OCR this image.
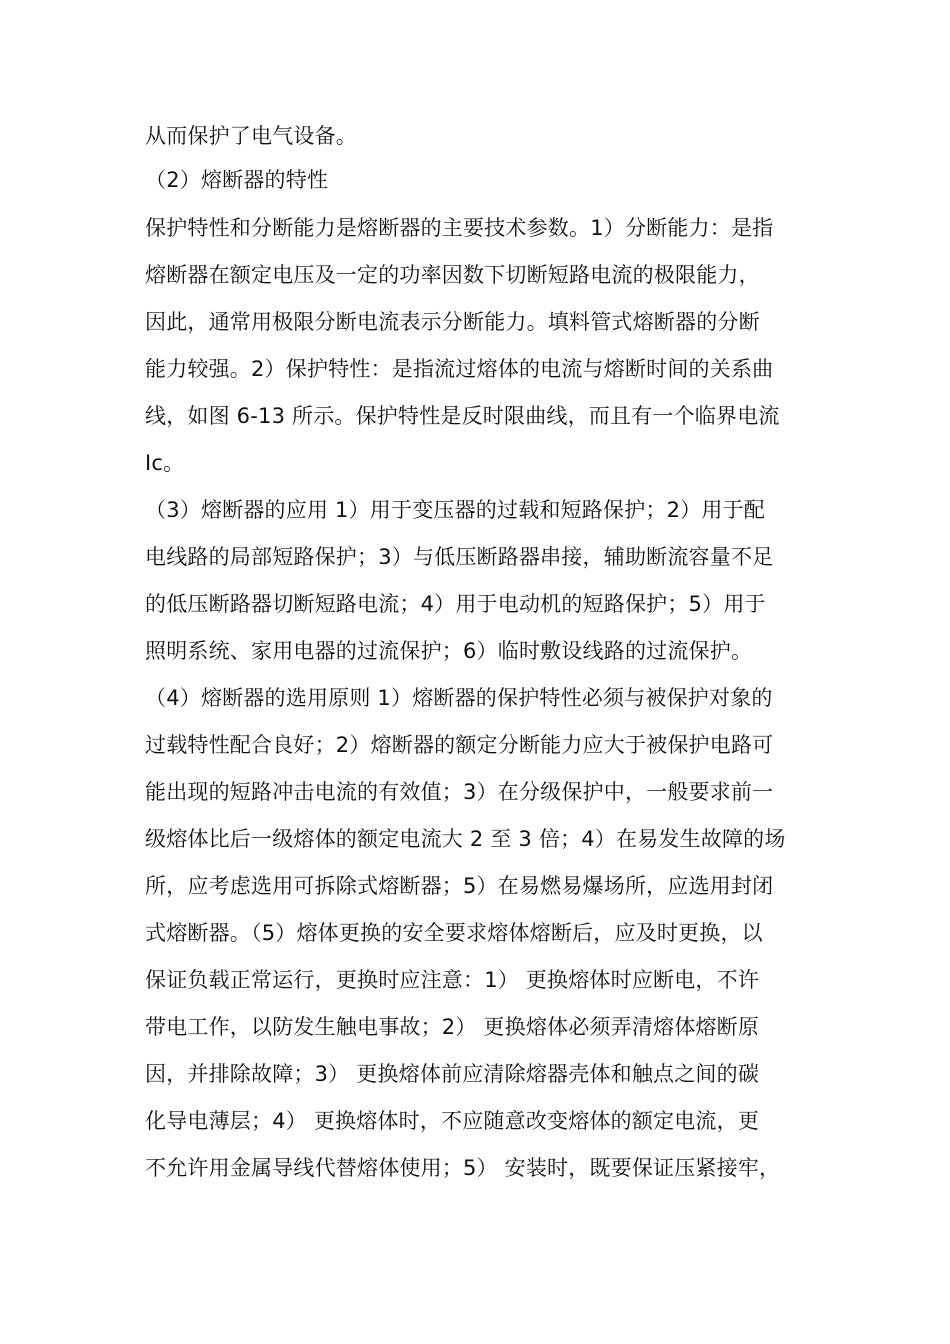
从而保护了电气设备。
（2）熔断器的特性
保护特性和分断能力是熔断器的主要技术参数。1）分断能力：是指
熔断器在额定电压及一定的功率因数下切断短路电流的极限能力，
因此，通常用极限分断电流表示分断能力。填料管式熔断器的分断
能力较强。2）保护特性：是指流过熔体的电流与熔断时间的关系曲
线，如图 6-13 所示。保护特性是反时限曲线，而且有一个临界电流
Ic。
（3）熔断器的应用 1）用于变压器的过载和短路保护；2）用于配
电线路的局部短路保护；3）与低压断路器串接，辅助断流容量不足
的低压断路器切断短路电流；4）用于电动机的短路保护；5）用于
照明系统、家用电器的过流保护；6）临时敷设线路的过流保护。
（4）熔断器的选用原则 1）熔断器的保护特性必须与被保护对象的
过载特性配合良好；2）熔断器的额定分断能力应大于被保护电路可
能出现的短路冲击电流的有效值；3）在分级保护中，一般要求前一
级熔体比后一级熔体的额定电流大 2 至 3 倍；4）在易发生故障的场
所，应考虑选用可拆除式熔断器；5）在易燃易爆场所，应选用封闭
式熔断器。（5）熔体更换的安全要求熔体熔断后，应及时更换，以
保证负载正常运行，更换时应注意：1） 更换熔体时应断电，不许
带电工作，以防发生触电事故；2） 更换熔体必须弄清熔体熔断原
因，并排除故障；3） 更换熔体前应清除熔器壳体和触点之间的碳
化导电薄层；4） 更换熔体时，不应随意改变熔体的额定电流，更
不允许用金属导线代替熔体使用；5） 安装时，既要保证压紧接牢，
